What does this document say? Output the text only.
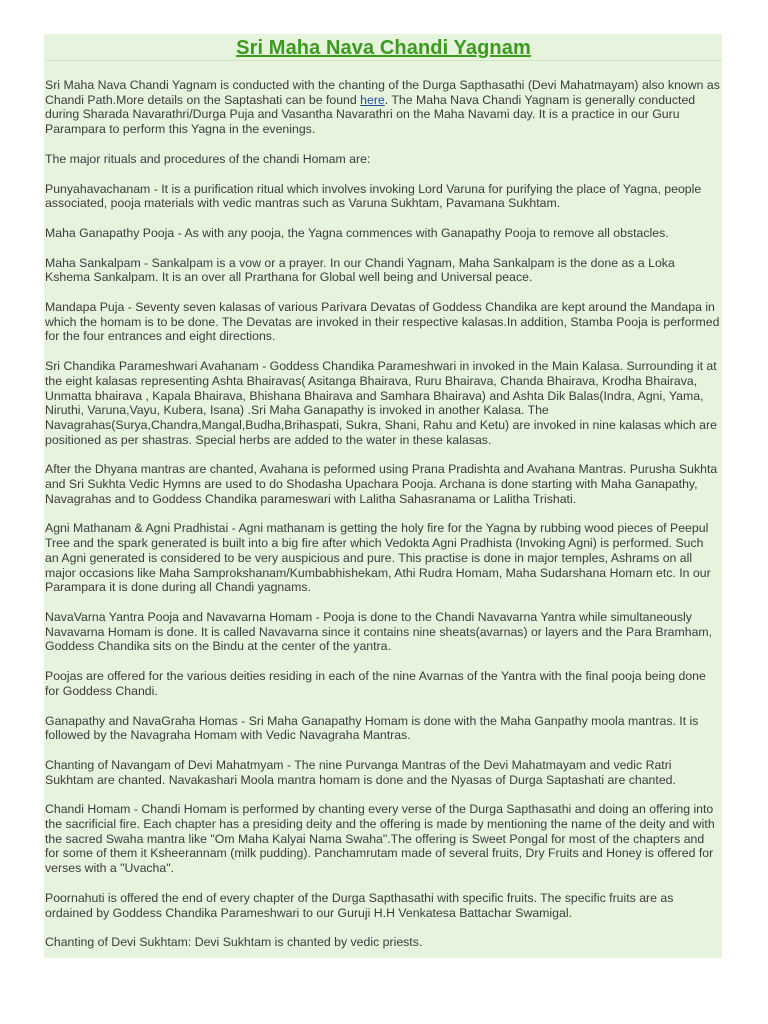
Sri Maha Nava Chandi Yagnam

Sri Maha Nava Chandi Yagnam is conducted with the chanting of the Durga Sapthasathi (Devi Mahatmayam) also known as Chandi Path.More details on the Saptashati can be found here. The Maha Nava Chandi Yagnam is generally conducted during Sharada Navarathri/Durga Puja and Vasantha Navarathri on the Maha Navami day. It is a practice in our Guru Parampara to perform this Yagna in the evenings.

The major rituals and procedures of the chandi Homam are:

Punyahavachanam - It is a purification ritual which involves invoking Lord Varuna for purifying the place of Yagna, people associated, pooja materials with vedic mantras such as Varuna Sukhtam, Pavamana Sukhtam.

Maha Ganapathy Pooja - As with any pooja, the Yagna commences with Ganapathy Pooja to remove all obstacles.

Maha Sankalpam - Sankalpam is a vow or a prayer. In our Chandi Yagnam, Maha Sankalpam is the done as a Loka Kshema Sankalpam. It is an over all Prarthana for Global well being and Universal peace.

Mandapa Puja - Seventy seven kalasas of various Parivara Devatas of Goddess Chandika are kept around the Mandapa in which the homam is to be done. The Devatas are invoked in their respective kalasas.In addition, Stamba Pooja is performed for the four entrances and eight directions.

Sri Chandika Parameshwari Avahanam - Goddess Chandika Parameshwari in invoked in the Main Kalasa. Surrounding it at the eight kalasas representing Ashta Bhairavas( Asitanga Bhairava, Ruru Bhairava, Chanda Bhairava, Krodha Bhairava, Unmatta bhairava , Kapala Bhairava, Bhishana Bhairava and Samhara Bhairava) and Ashta Dik Balas(Indra, Agni, Yama, Niruthi, Varuna,Vayu, Kubera, Isana) .Sri Maha Ganapathy is invoked in another Kalasa. The Navagrahas(Surya,Chandra,Mangal,Budha,Brihaspati, Sukra, Shani, Rahu and Ketu) are invoked in nine kalasas which are positioned as per shastras. Special herbs are added to the water in these kalasas.

After the Dhyana mantras are chanted, Avahana is peformed using Prana Pradishta and Avahana Mantras. Purusha Sukhta and Sri Sukhta Vedic Hymns are used to do Shodasha Upachara Pooja. Archana is done starting with Maha Ganapathy, Navagrahas and to Goddess Chandika parameswari with Lalitha Sahasranama or Lalitha Trishati.

Agni Mathanam & Agni Pradhistai - Agni mathanam is getting the holy fire for the Yagna by rubbing wood pieces of Peepul Tree and the spark generated is built into a big fire after which Vedokta Agni Pradhista (Invoking Agni) is performed. Such an Agni generated is considered to be very auspicious and pure. This practise is done in major temples, Ashrams on all major occasions like Maha Samprokshanam/Kumbabhishekam, Athi Rudra Homam, Maha Sudarshana Homam etc. In our Parampara it is done during all Chandi yagnams.

NavaVarna Yantra Pooja and Navavarna Homam - Pooja is done to the Chandi Navavarna Yantra while simultaneously Navavarna Homam is done. It is called Navavarna since it contains nine sheats(avarnas) or layers and the Para Bramham, Goddess Chandika sits on the Bindu at the center of the yantra.

Poojas are offered for the various deities residing in each of the nine Avarnas of the Yantra with the final pooja being done for Goddess Chandi.

Ganapathy and NavaGraha Homas - Sri Maha Ganapathy Homam is done with the Maha Ganpathy moola mantras. It is followed by the Navagraha Homam with Vedic Navagraha Mantras.

Chanting of Navangam of Devi Mahatmyam - The nine Purvanga Mantras of the Devi Mahatmayam and vedic Ratri Sukhtam are chanted. Navakashari Moola mantra homam is done and the Nyasas of Durga Saptashati are chanted.

Chandi Homam - Chandi Homam is performed by chanting every verse of the Durga Sapthasathi and doing an offering into the sacrificial fire. Each chapter has a presiding deity and the offering is made by mentioning the name of the deity and with the sacred Swaha mantra like "Om Maha Kalyai Nama Swaha".The offering is Sweet Pongal for most of the chapters and for some of them it Ksheerannam (milk pudding). Panchamrutam made of several fruits, Dry Fruits and Honey is offered for verses with a "Uvacha".

Poornahuti is offered the end of every chapter of the Durga Sapthasathi with specific fruits. The specific fruits are as ordained by Goddess Chandika Parameshwari to our Guruji H.H Venkatesa Battachar Swamigal.

Chanting of Devi Sukhtam: Devi Sukhtam is chanted by vedic priests.
